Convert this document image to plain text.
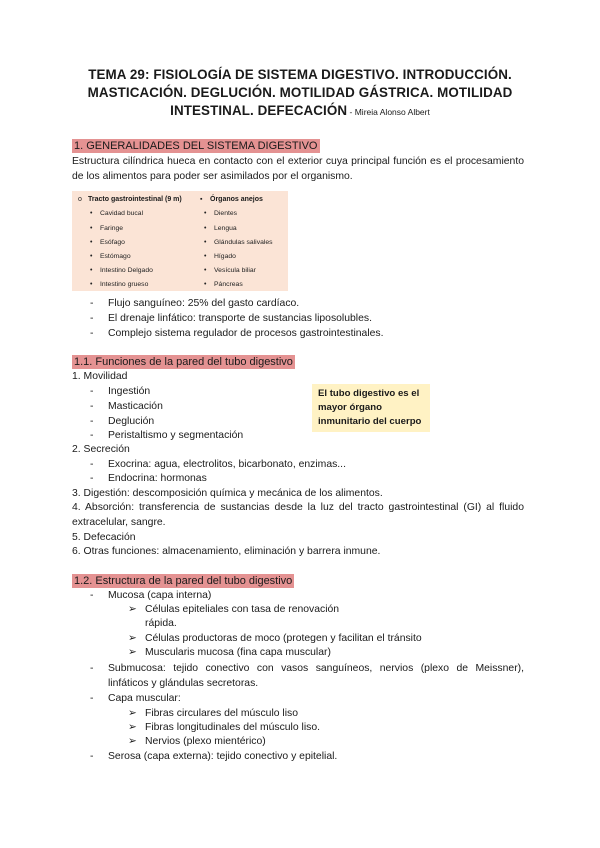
TEMA 29: FISIOLOGÍA DE SISTEMA DIGESTIVO. INTRODUCCIÓN.
MASTICACIÓN. DEGLUCIÓN. MOTILIDAD GÁSTRICA. MOTILIDAD
INTESTINAL. DEFECACIÓN - Mireia Alonso Albert
1. GENERALIDADES DEL SISTEMA DIGESTIVO
Estructura cilíndrica hueca en contacto con el exterior cuya principal función es el procesamiento de los alimentos para poder ser asimilados por el organismo.
o Tracto gastrointestinal (9 m)	▪ Órganos anejos
• Cavidad bucal
• Faringe
• Esófago
• Estómago
• Intestino Delgado
• Intestino grueso
• Dientes
• Lengua
• Glándulas salivales
• Hígado
• Vesícula biliar
• Páncreas
- Flujo sanguíneo: 25% del gasto cardíaco.
- El drenaje linfático: transporte de sustancias liposolubles.
- Complejo sistema regulador de procesos gastrointestinales.
1.1. Funciones de la pared del tubo digestivo
1. Movilidad
- Ingestión
- Masticación
- Deglución
- Peristaltismo y segmentación
El tubo digestivo es el
mayor órgano
inmunitario del cuerpo
2. Secreción
- Exocrina: agua, electrolitos, bicarbonato, enzimas...
- Endocrina: hormonas
3. Digestión: descomposición química y mecánica de los alimentos.
4. Absorción: transferencia de sustancias desde la luz del tracto gastrointestinal (GI) al fluido extracelular, sangre.
5. Defecación
6. Otras funciones: almacenamiento, eliminación y barrera inmune.
1.2. Estructura de la pared del tubo digestivo
- Mucosa (capa interna)
➢ Células epiteliales con tasa de renovación
rápida.
➢ Células productoras de moco (protegen y facilitan el tránsito
➢ Muscularis mucosa (fina capa muscular)
- Submucosa: tejido conectivo con vasos sanguíneos, nervios (plexo de Meissner), linfáticos y glándulas secretoras.
- Capa muscular:
➢ Fibras circulares del músculo liso
➢ Fibras longitudinales del músculo liso.
➢ Nervios (plexo mientérico)
- Serosa (capa externa): tejido conectivo y epitelial.
